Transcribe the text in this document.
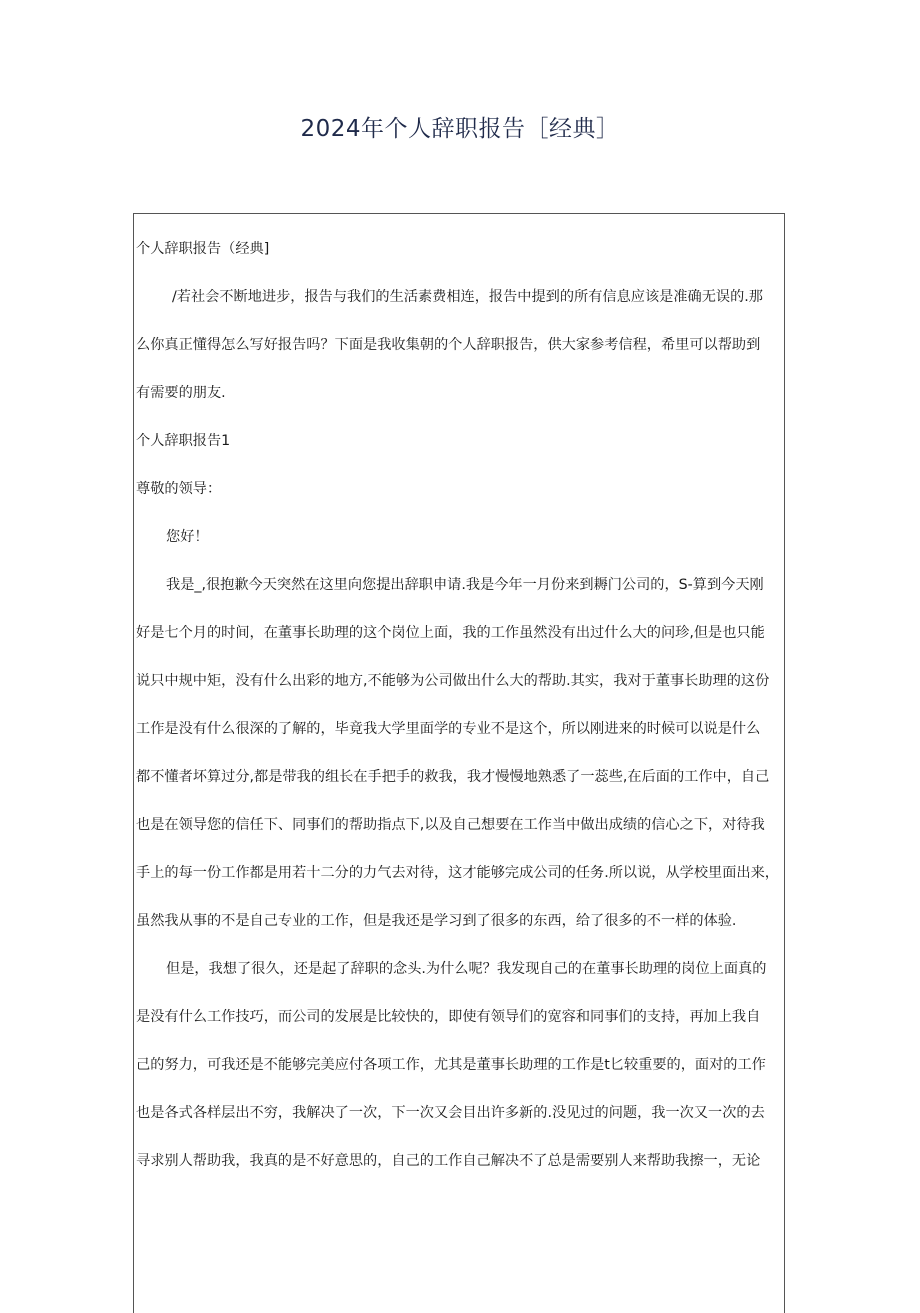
2024年个人辞职报告［经典］
个人辞职报告（经典]
/若社会不断地进步，报告与我们的生活素费相连，报告中提到的所有信息应该是准确无误的.那
么你真正懂得怎么写好报告吗？下面是我收集朝的个人辞职报告，供大家参考信程，希里可以帮助到
有需要的朋友.
个人辞职报告1
尊敬的领导：
您好！
我是_,很抱歉今天突然在这里向您提出辞职申请.我是今年一月份来到耨门公司的，S-算到今天刚
好是七个月的时间，在董事长助理的这个岗位上面，我的工作虽然没有出过什么大的问珍,但是也只能
说只中规中矩，没有什么出彩的地方,不能够为公司做出什么大的帮助.其实，我对于董事长助理的这份
工作是没有什么很深的了解的，毕竟我大学里面学的专业不是这个，所以刚进来的时候可以说是什么
都不懂者坏算过分,都是带我的组长在手把手的救我，我才慢慢地熟悉了一蕊些,在后面的工作中，自己
也是在领导您的信任下、同事们的帮助指点下,以及自己想要在工作当中做出成绩的信心之下，对待我
手上的每一份工作都是用若十二分的力气去对待，这才能够完成公司的任务.所以说，从学校里面出来，
虽然我从事的不是自己专业的工作，但是我还是学习到了很多的东西，给了很多的不一样的体验.
但是，我想了很久，还是起了辞职的念头.为什么呢？我发现自己的在董事长助理的岗位上面真的
是没有什么工作技巧，而公司的发展是比较快的，即使有领导们的宽容和同事们的支持，再加上我自
己的努力，可我还是不能够完美应付各项工作，尤其是董事长助理的工作是t匕较重要的，面对的工作
也是各式各样层出不穷，我解决了一次，下一次又会目出许多新的.没见过的问题，我一次又一次的去
寻求别人帮助我，我真的是不好意思的，自己的工作自己解决不了总是需要别人来帮助我擦一，无论
